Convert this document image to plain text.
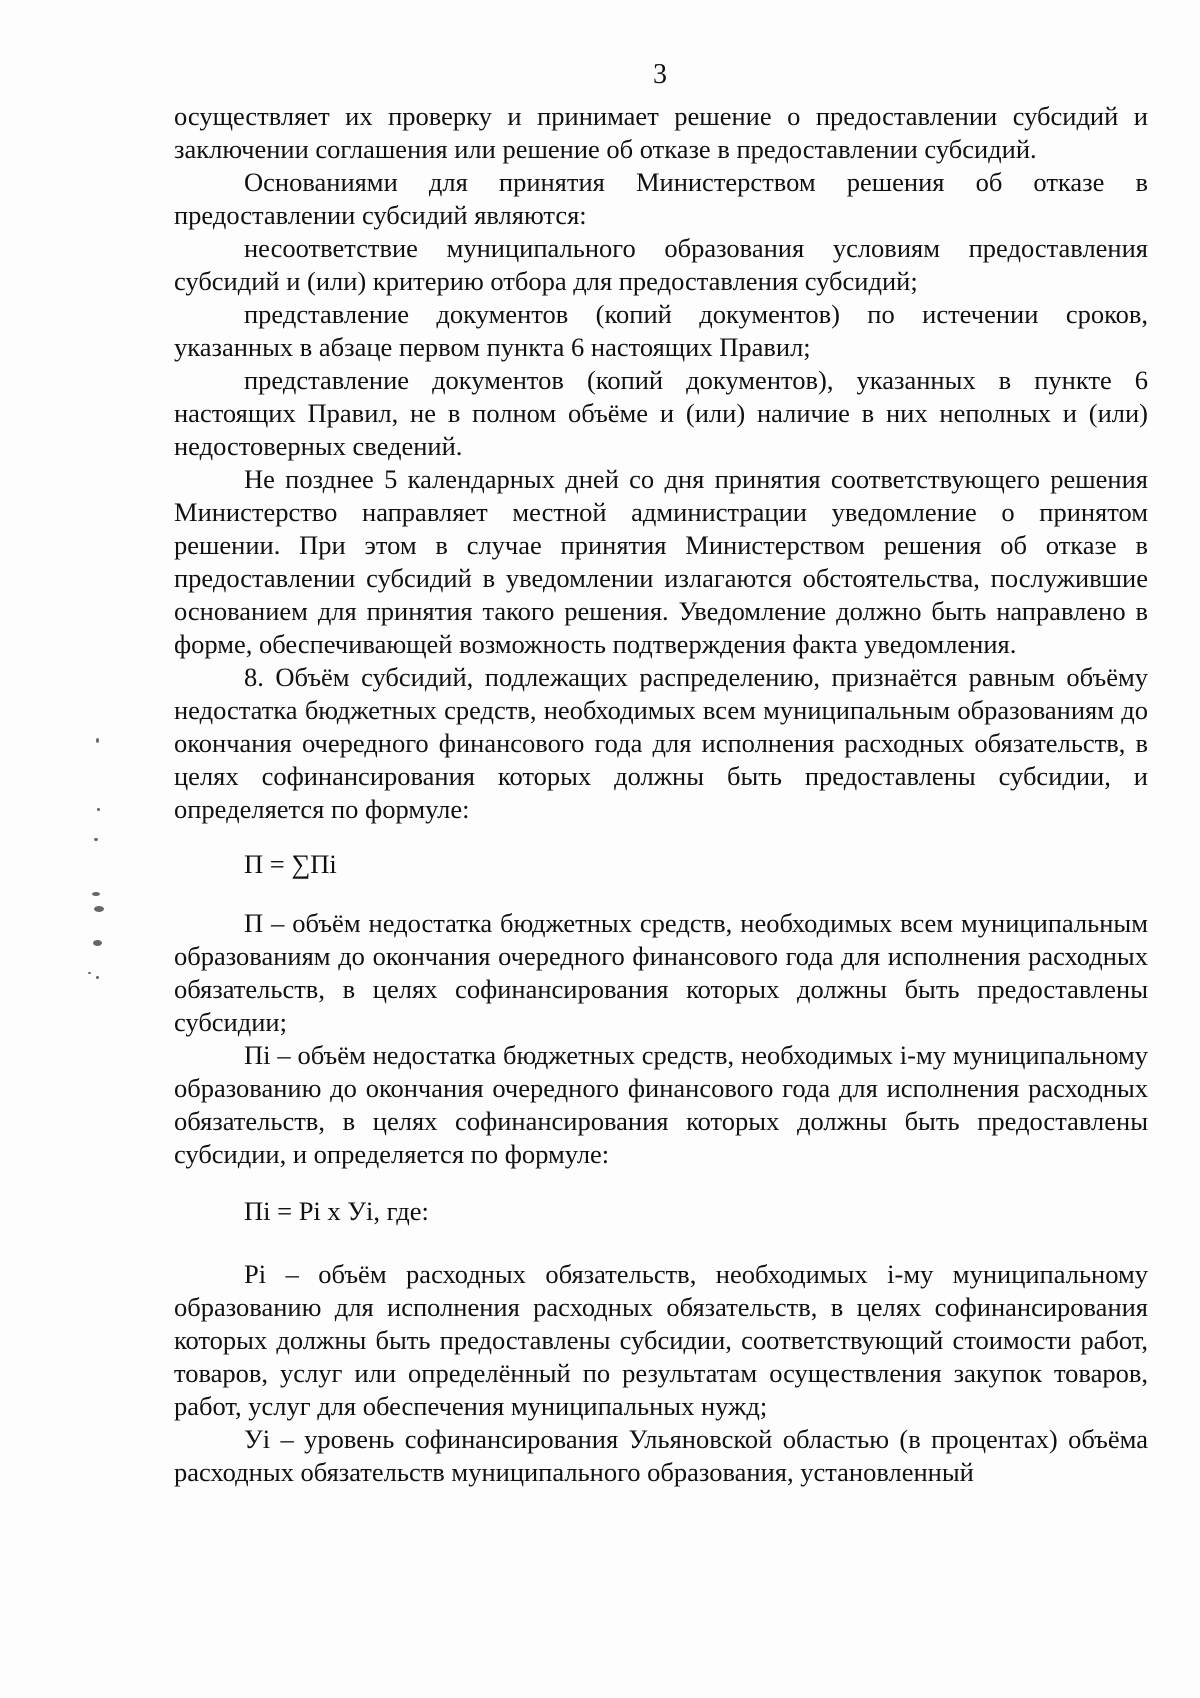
3

осуществляет их проверку и принимает решение о предоставлении субсидий и заключении соглашения или решение об отказе в предоставлении субсидий.

Основаниями для принятия Министерством решения об отказе в предоставлении субсидий являются:

несоответствие муниципального образования условиям предоставления субсидий и (или) критерию отбора для предоставления субсидий;

представление документов (копий документов) по истечении сроков, указанных в абзаце первом пункта 6 настоящих Правил;

представление документов (копий документов), указанных в пункте 6 настоящих Правил, не в полном объёме и (или) наличие в них неполных и (или) недостоверных сведений.

Не позднее 5 календарных дней со дня принятия соответствующего решения Министерство направляет местной администрации уведомление о принятом решении. При этом в случае принятия Министерством решения об отказе в предоставлении субсидий в уведомлении излагаются обстоятельства, послужившие основанием для принятия такого решения. Уведомление должно быть направлено в форме, обеспечивающей возможность подтверждения факта уведомления.

8. Объём субсидий, подлежащих распределению, признаётся равным объёму недостатка бюджетных средств, необходимых всем муниципальным образованиям до окончания очередного финансового года для исполнения расходных обязательств, в целях софинансирования которых должны быть предоставлены субсидии, и определяется по формуле:

П = ∑Пi

П – объём недостатка бюджетных средств, необходимых всем муниципальным образованиям до окончания очередного финансового года для исполнения расходных обязательств, в целях софинансирования которых должны быть предоставлены субсидии;

Пi – объём недостатка бюджетных средств, необходимых i-му муниципальному образованию до окончания очередного финансового года для исполнения расходных обязательств, в целях софинансирования которых должны быть предоставлены субсидии, и определяется по формуле:

Пi = Рi х Уi, где:

Рi – объём расходных обязательств, необходимых i-му муниципальному образованию для исполнения расходных обязательств, в целях софинансирования которых должны быть предоставлены субсидии, соответствующий стоимости работ, товаров, услуг или определённый по результатам осуществления закупок товаров, работ, услуг для обеспечения муниципальных нужд;

Уi – уровень софинансирования Ульяновской областью (в процентах) объёма расходных обязательств муниципального образования, установленный
